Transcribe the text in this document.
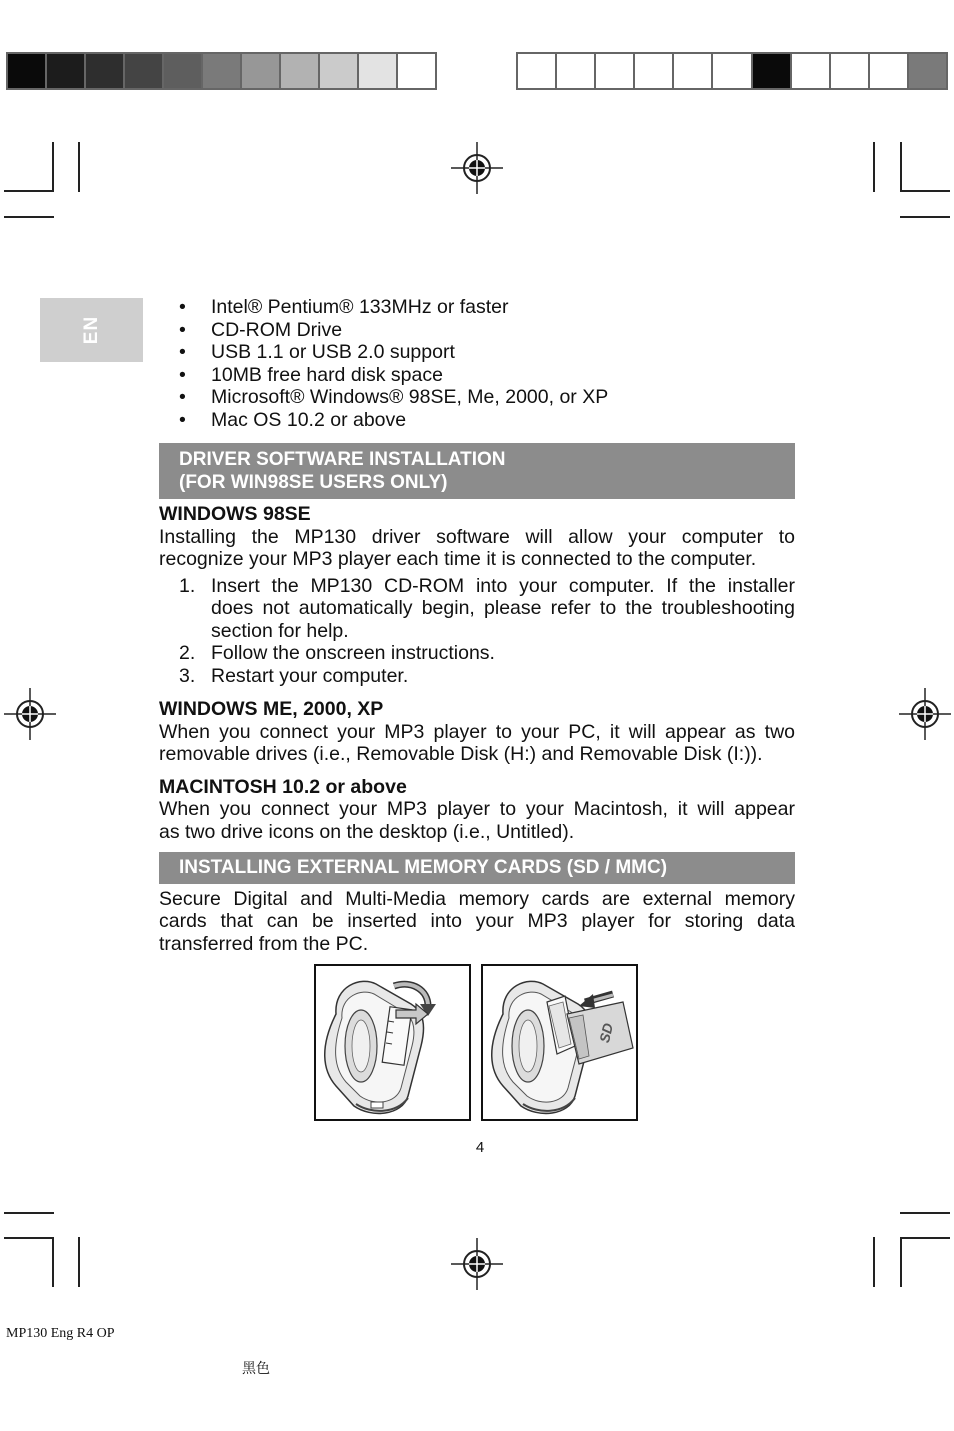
EN
• Intel® Pentium® 133MHz or faster
• CD-ROM Drive
• USB 1.1 or USB 2.0 support
• 10MB free hard disk space
• Microsoft® Windows® 98SE, Me, 2000, or XP
• Mac OS 10.2 or above
DRIVER SOFTWARE INSTALLATION
(FOR WIN98SE USERS ONLY)

WINDOWS 98SE

Installing the MP130 driver software will allow your computer to
recognize your MP3 player each time it is connected to the computer.
1. Insert the MP130 CD-ROM into your computer. If the installer
does not automatically begin, please refer to the troubleshooting
section for help.
2. Follow the onscreen instructions.
3. Restart your computer.

WINDOWS ME, 2000, XP

When you connect your MP3 player to your PC, it will appear as two
removable drives (i.e., Removable Disk (H:) and Removable Disk (I:)).

MACINTOSH 10.2 or above

When you connect your MP3 player to your Macintosh, it will appear
as two drive icons on the desktop (i.e., Untitled).
INSTALLING EXTERNAL MEMORY CARDS (SD / MMC)
Secure Digital and Multi-Media memory cards are external memory
cards that can be inserted into your MP3 player for storing data
transferred from the PC.
SD
4
MP130 Eng R4 OP
黑色
